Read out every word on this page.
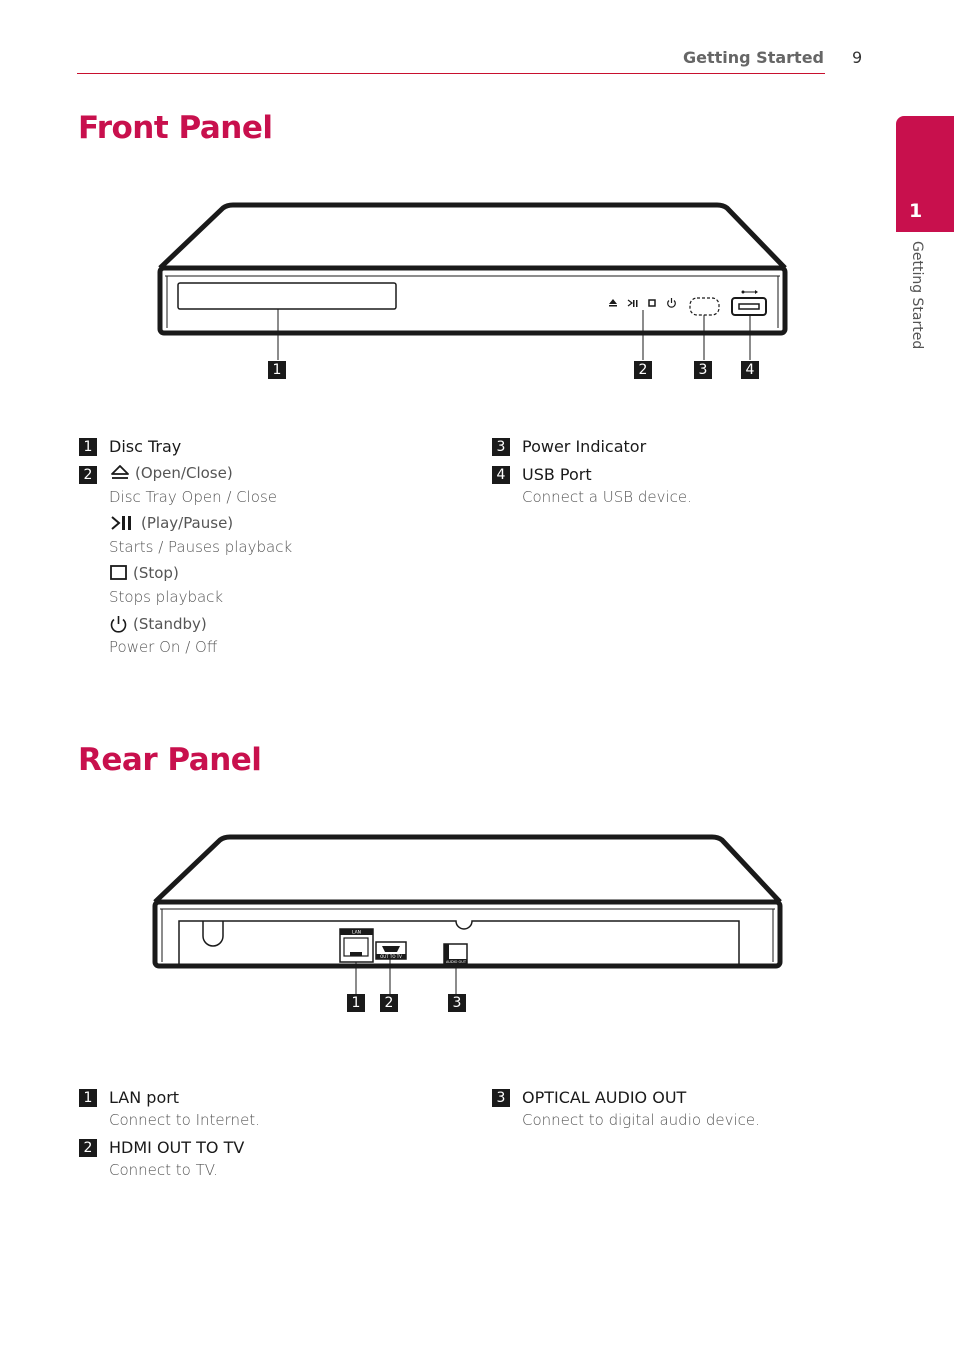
Getting Started 9
1
Getting Started
Front Panel
1	2	3	4
1 Disc Tray
2	(Open/Close)
Disc Tray Open / Close
(Play/Pause)
Starts / Pauses playback
(Stop)
Stops playback
(Standby)
Power On / Off
3 Power Indicator
4 USB Port
Connect a USB device.
Rear Panel
LAN
OUT TO TV
AUDIO OUT
1	2	3
1 LAN port
Connect to Internet.
2 HDMI OUT TO TV
Connect to TV.
3 OPTICAL AUDIO OUT
Connect to digital audio device.
